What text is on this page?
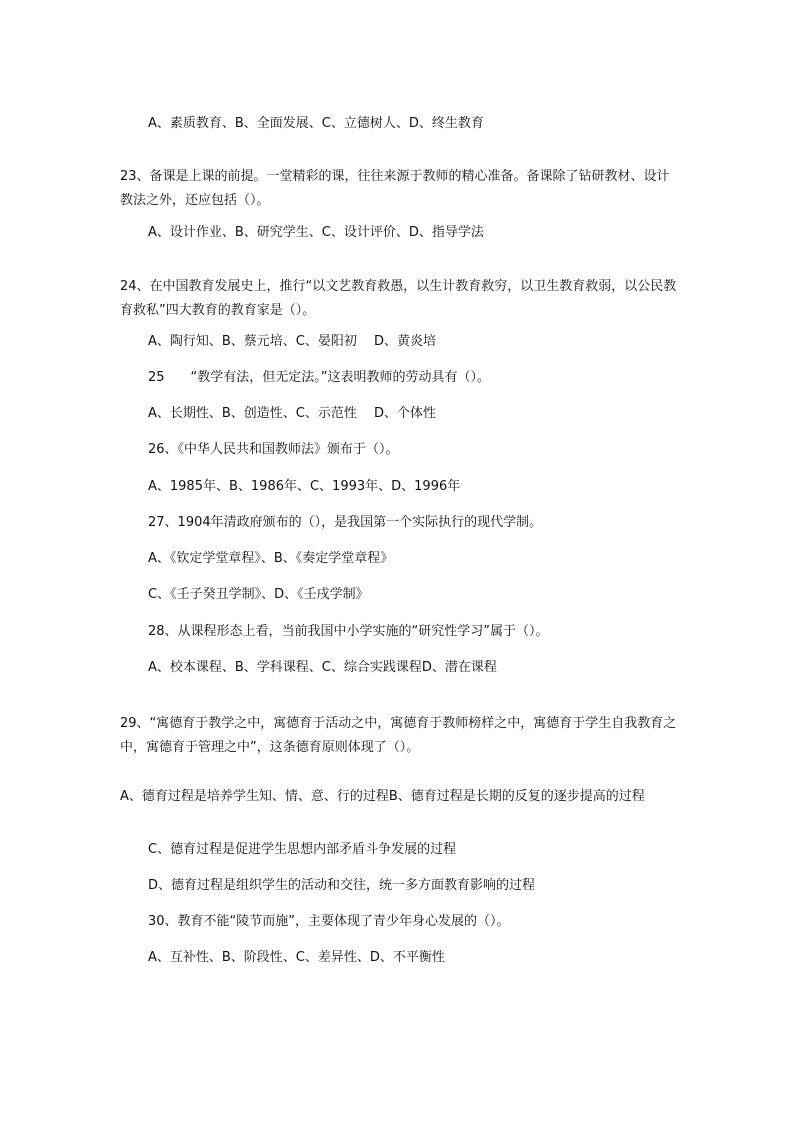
A、素质教育、B、全面发展、C、立德树人、D、终生教育
23、备课是上课的前提。一堂精彩的课，往往来源于教师的精心准备。备课除了钻研教材、设计教法之外，还应包括（）。
A、设计作业、B、研究学生、C、设计评价、D、指导学法
24、在中国教育发展史上，推行“以文艺教育救愚，以生计教育救穷，以卫生教育救弱，以公民教育救私”四大教育的教育家是（）。
A、陶行知、B、蔡元培、C、晏阳初　 D、黄炎培
25　　“教学有法，但无定法。”这表明教师的劳动具有（）。
A、长期性、B、创造性、C、示范性　 D、个体性
26、《中华人民共和国教师法》颁布于（）。
A、1985年、B、1986年、C、1993年、D、1996年
27、1904年清政府颁布的（），是我国第一个实际执行的现代学制。
A、《钦定学堂章程》、B、《奏定学堂章程》
C、《壬子癸丑学制》、D、《壬戌学制》
28、从课程形态上看，当前我国中小学实施的“研究性学习”属于（）。
A、校本课程、B、学科课程、C、综合实践课程D、潜在课程
29、“寓德育于教学之中，寓德育于活动之中，寓德育于教师榜样之中，寓德育于学生自我教育之中，寓德育于管理之中”，这条德育原则体现了（）。
A、德育过程是培养学生知、情、意、行的过程B、德育过程是长期的反复的逐步提高的过程
C、德育过程是促进学生思想内部矛盾斗争发展的过程
D、德育过程是组织学生的活动和交往，统一多方面教育影响的过程
30、教育不能“陵节而施”，主要体现了青少年身心发展的（）。
A、互补性、B、阶段性、C、差异性、D、不平衡性
